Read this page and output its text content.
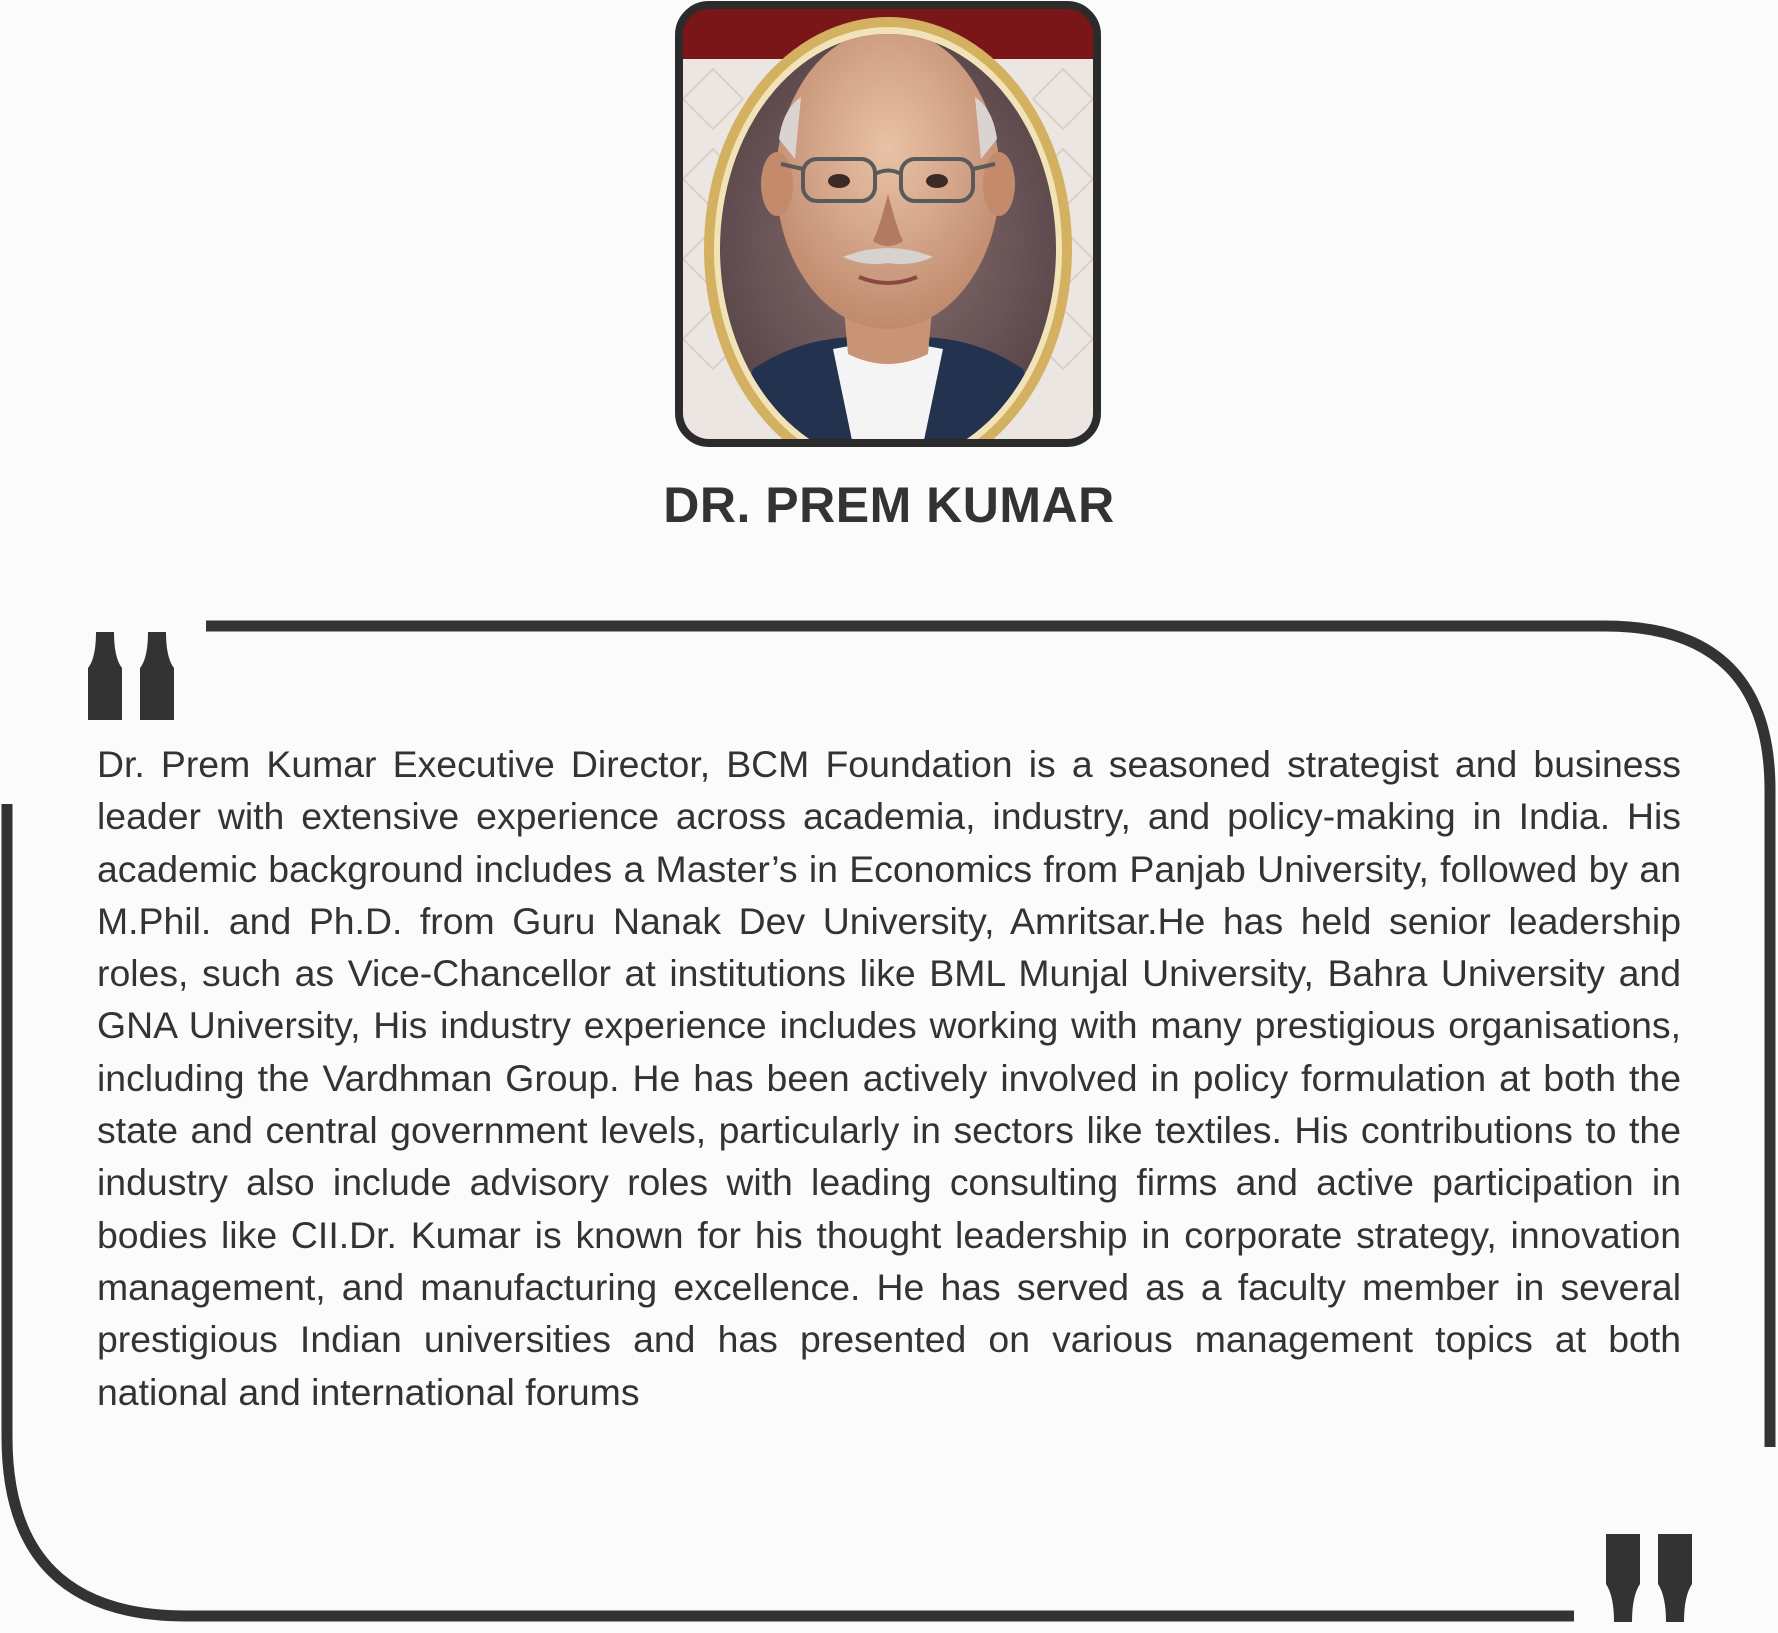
DR. PREM KUMAR

Dr. Prem Kumar Executive Director, BCM Foundation is a seasoned strategist and business leader with extensive experience across academia, industry, and policy-making in India. His academic background includes a Master’s in Economics from Panjab University, followed by an M.Phil. and Ph.D. from Guru Nanak Dev University, Amritsar.He has held senior leadership roles, such as Vice-Chancellor at institutions like BML Munjal University, Bahra University and GNA University, His industry experience includes working with many prestigious organisations, including the Vardhman Group. He has been actively involved in policy formulation at both the state and central government levels, particularly in sectors like textiles. His contributions to the industry also include advisory roles with leading consulting firms and active participation in bodies like CII.Dr. Kumar is known for his thought leadership in corporate strategy, innovation management, and manufacturing excellence. He has served as a faculty member in several prestigious Indian universities and has presented on various management topics at both national and international forums
